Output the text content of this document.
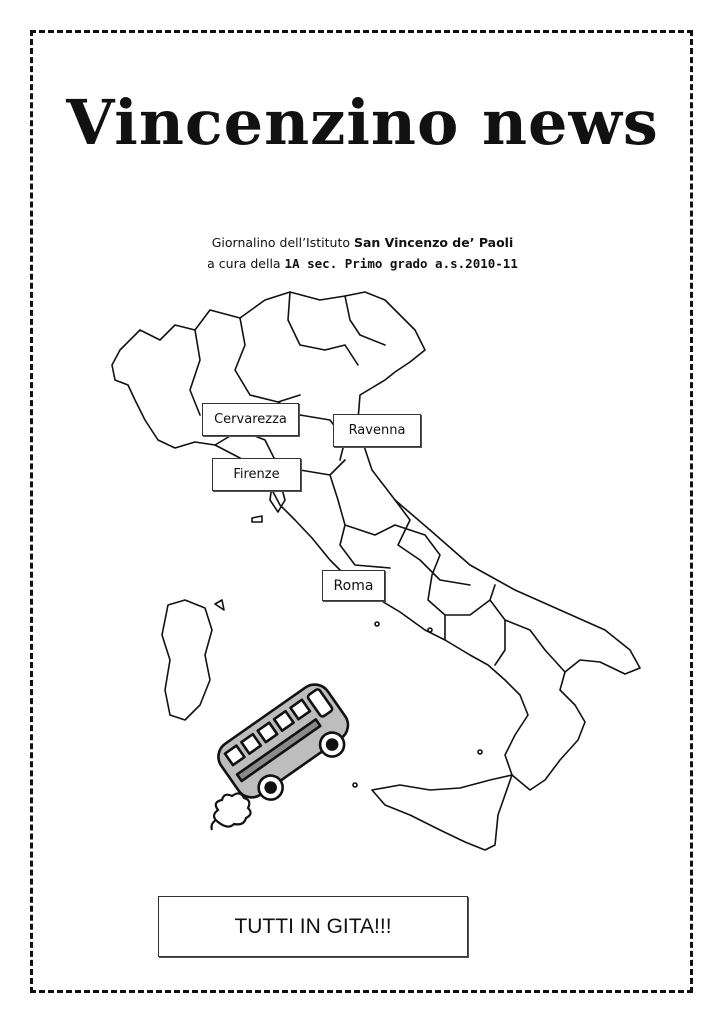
Vincenzino news
Giornalino dell’Istituto San Vincenzo de’ Paoli
a cura della 1A sec. Primo grado a.s.2010-11
Cervarezza
Ravenna
Firenze
Roma
TUTTI IN GITA!!!
